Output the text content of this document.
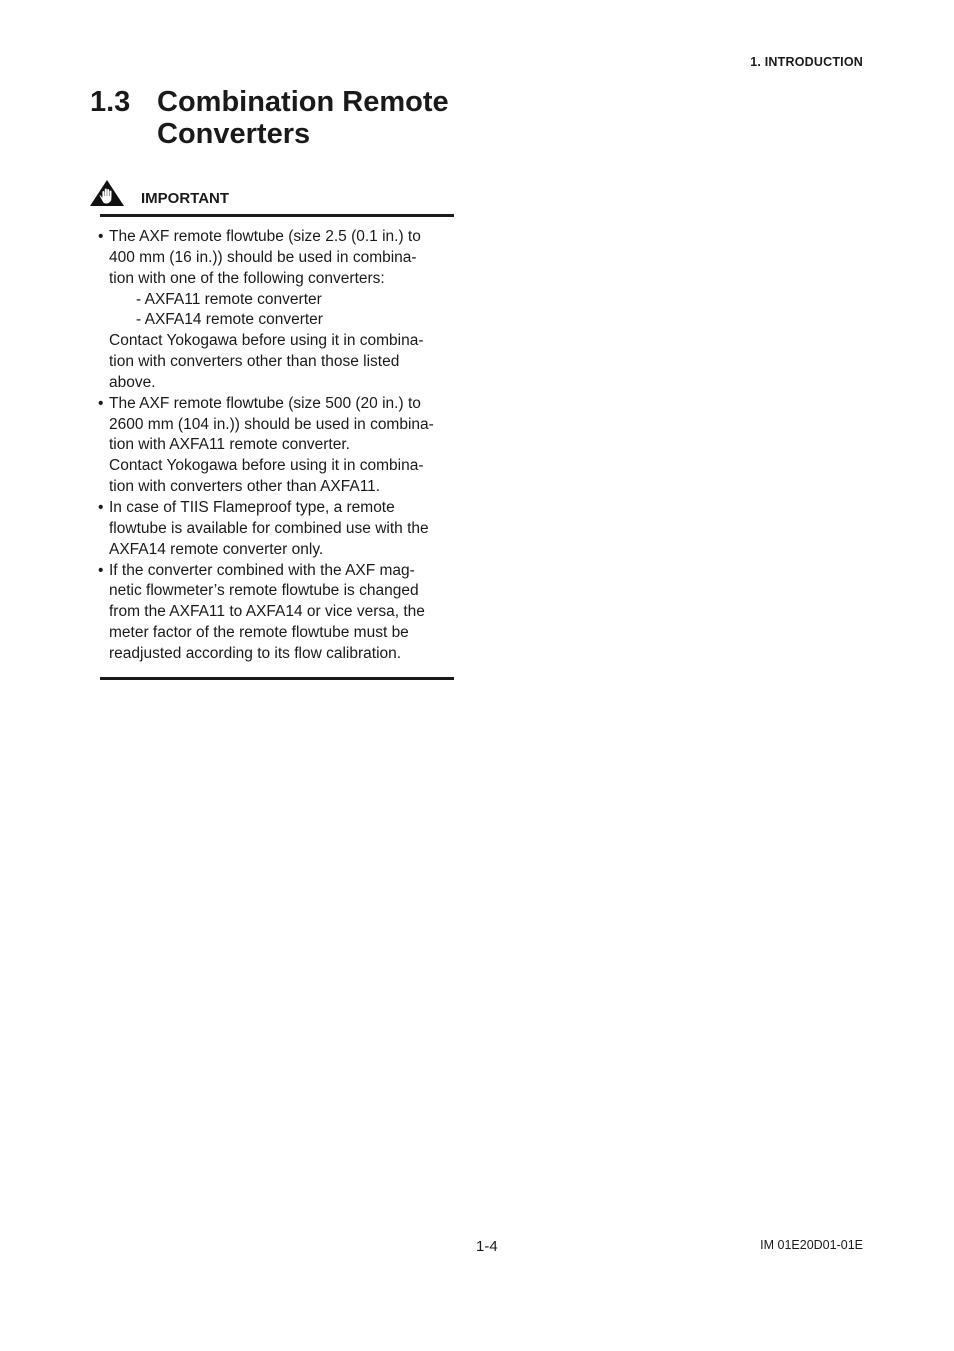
1. INTRODUCTION
1.3 Combination Remote Converters
IMPORTANT
• The AXF remote flowtube (size 2.5 (0.1 in.) to
400 mm (16 in.)) should be used in combina-
tion with one of the following converters:
- AXFA11 remote converter
- AXFA14 remote converter
Contact Yokogawa before using it in combina-
tion with converters other than those listed
above.
• The AXF remote flowtube (size 500 (20 in.) to
2600 mm (104 in.)) should be used in combina-
tion with AXFA11 remote converter.
Contact Yokogawa before using it in combina-
tion with converters other than AXFA11.
• In case of TIIS Flameproof type, a remote
flowtube is available for combined use with the
AXFA14 remote converter only.
• If the converter combined with the AXF mag-
netic flowmeter’s remote flowtube is changed
from the AXFA11 to AXFA14 or vice versa, the
meter factor of the remote flowtube must be
readjusted according to its flow calibration.
1-4	IM 01E20D01-01E
